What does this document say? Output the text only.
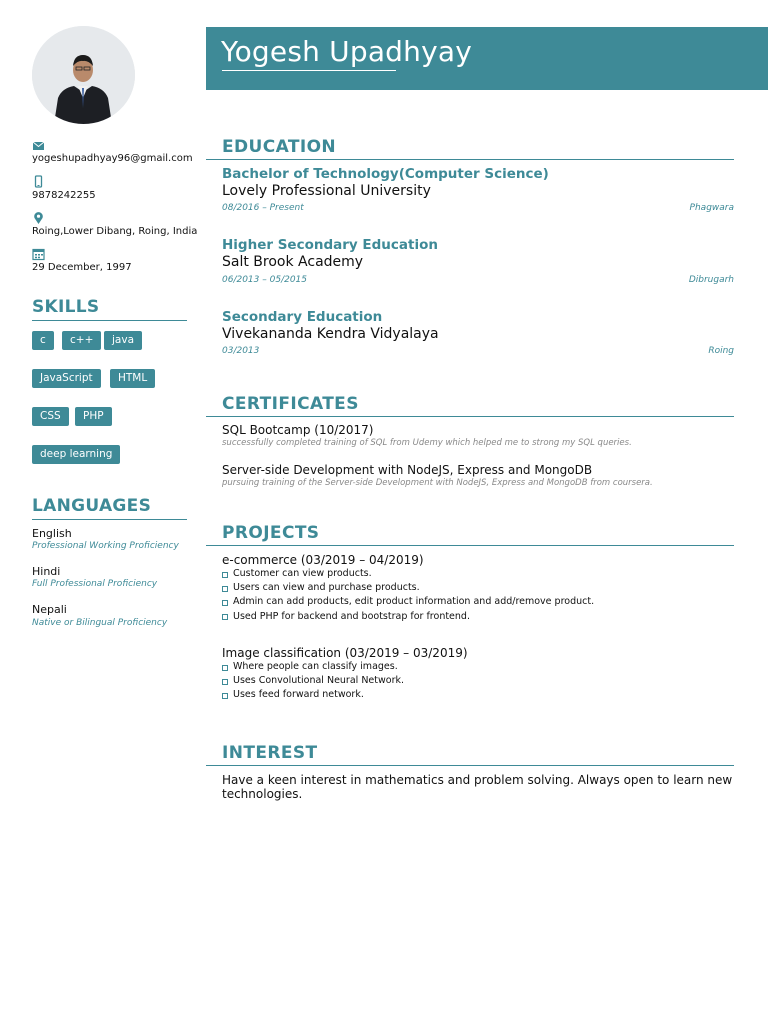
Yogesh Upadhyay
yogeshupadhyay96@gmail.com
9878242255
Roing,Lower Dibang, Roing, India
29 December, 1997
SKILLS
c	c++	java
JavaScript	HTML
CSS	PHP
deep learning
LANGUAGES
English
Professional Working Proficiency
Hindi
Full Professional Proficiency
Nepali
Native or Bilingual Proficiency
EDUCATION
Bachelor of Technology(Computer Science)
Lovely Professional University
08/2016 – Present	Phagwara
Higher Secondary Education
Salt Brook Academy
06/2013 – 05/2015	Dibrugarh
Secondary Education
Vivekananda Kendra Vidyalaya
03/2013	Roing
CERTIFICATES
SQL Bootcamp (10/2017)
successfully completed training of SQL from Udemy which helped me to strong my SQL queries.
Server-side Development with NodeJS, Express and MongoDB
pursuing training of the Server-side Development with NodeJS, Express and MongoDB from coursera.
PROJECTS
e-commerce (03/2019 – 04/2019)
Customer can view products.
Users can view and purchase products.
Admin can add products, edit product information and add/remove product.
Used PHP for backend and bootstrap for frontend.
Image classification (03/2019 – 03/2019)
Where people can classify images.
Uses Convolutional Neural Network.
Uses feed forward network.
INTEREST
Have a keen interest in mathematics and problem solving. Always open to learn new technologies.
